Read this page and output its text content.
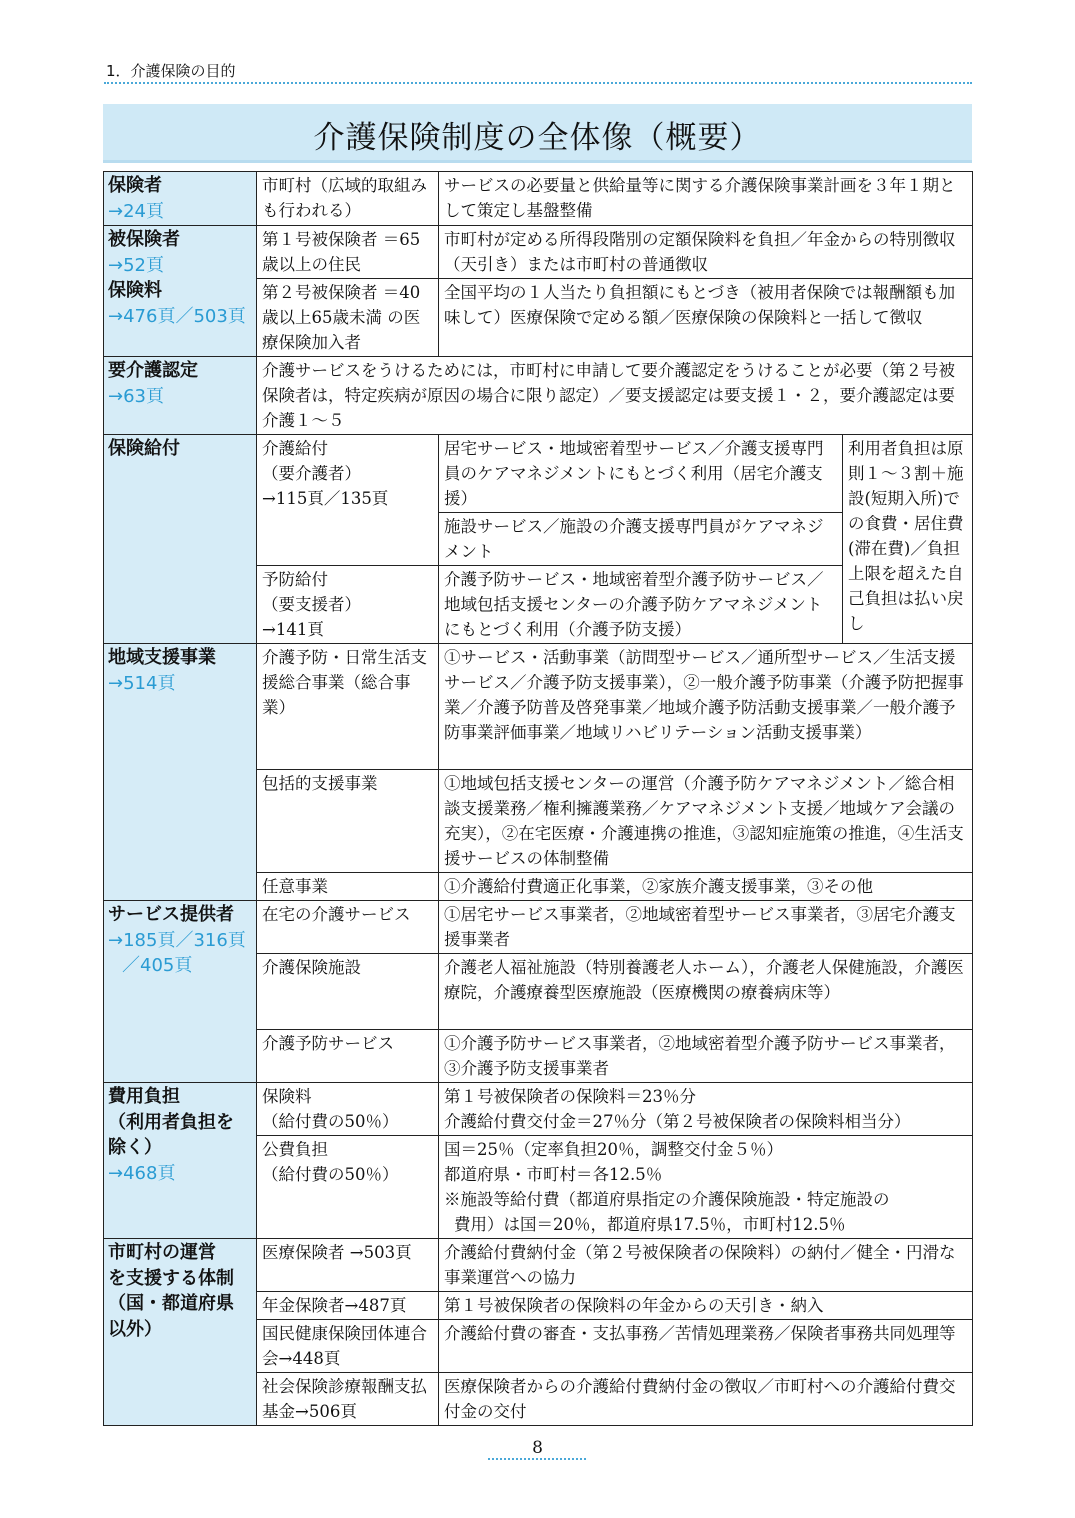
1．介護保険の目的
介護保険制度の全体像（概要）
保険者
→24頁	市町村（広域的取組み も行われる）	サービスの必要量と供給量等に関する介護保険事業計画を３年１期として策定し基盤整備	

被保険者
→52頁
保険料
→476頁／503頁	第１号被保険者 ＝65歳以上の住民	市町村が定める所得段階別の定額保険料を負担／年金からの特別徴収（天引き）または市町村の普通徴収	
	第２号被保険者 ＝40歳以上65歳未満 の医療保険加入者	全国平均の１人当たり負担額にもとづき（被用者保険では報酬額も加味して）医療保険で定める額／医療保険の保険料と一括して徴収	

要介護認定
→63頁	介護サービスをうけるためには，市町村に申請して要介護認定をうけることが必要（第２号被保険者は，特定疾病が原因の場合に限り認定）／要支援認定は要支援１・２，要介護認定は要介護１～５		

保険給付	介護給付
（要介護者）
→115頁／135頁	居宅サービス・地域密着型サービス／介護支援専門員のケアマネジメントにもとづく利用（居宅介護支援）	利用者負担は原則１～３割＋施設(短期入所)での食費・居住費(滞在費)／負担上限を超えた自己負担は払い戻し
		施設サービス／施設の介護支援専門員がケアマネジメント	

	予防給付
（要支援者）
→141頁	介護予防サービス・地域密着型介護予防サービス／地域包括支援センターの介護予防ケアマネジメントにもとづく利用（介護予防支援）	

地域支援事業
→514頁	介護予防・日常生活支援総合事業（総合事業）	①サービス・活動事業（訪問型サービス／通所型サービス／生活支援サービス／介護予防支援事業），②一般介護予防事業（介護予防把握事業／介護予防普及啓発事業／地域介護予防活動支援事業／一般介護予防事業評価事業／地域リハビリテーション活動支援事業）	
	包括的支援事業	①地域包括支援センターの運営（介護予防ケアマネジメント／総合相談支援業務／権利擁護業務／ケアマネジメント支援／地域ケア会議の充実），②在宅医療・介護連携の推進，③認知症施策の推進，④生活支援サービスの体制整備	
	任意事業	①介護給付費適正化事業，②家族介護支援事業，③その他	

サービス提供者
→185頁／316頁
／405頁	在宅の介護サービス	①居宅サービス事業者，②地域密着型サービス事業者，③居宅介護支援事業者	
	介護保険施設	介護老人福祉施設（特別養護老人ホーム），介護老人保健施設，介護医療院，介護療養型医療施設（医療機関の療養病床等）	
	介護予防サービス	①介護予防サービス事業者，②地域密着型介護予防サービス事業者，③介護予防支援事業者	

費用負担
（利用者負担を
除く）
→468頁	保険料
（給付費の50％）	第１号被保険者の保険料＝23％分
介護給付費交付金＝27％分（第２号被保険者の保険料相当分）	

	公費負担
（給付費の50％）	国＝25％（定率負担20％，調整交付金５％）
都道府県・市町村＝各12.5％
※施設等給付費（都道府県指定の介護保険施設・特定施設の
費用）は国＝20％，都道府県17.5％，市町村12.5％	

市町村の運営
を支援する体制
（国・都道府県
以外）	医療保険者 →503頁	介護給付費納付金（第２号被保険者の保険料）の納付／健全・円滑な事業運営への協力	
	年金保険者→487頁	第１号被保険者の保険料の年金からの天引き・納入	
	国民健康保険団体連合会→448頁	介護給付費の審査・支払事務／苦情処理業務／保険者事務共同処理等	
	社会保険診療報酬支払基金→506頁	医療保険者からの介護給付費納付金の徴収／市町村への介護給付費交付金の交付	
8
